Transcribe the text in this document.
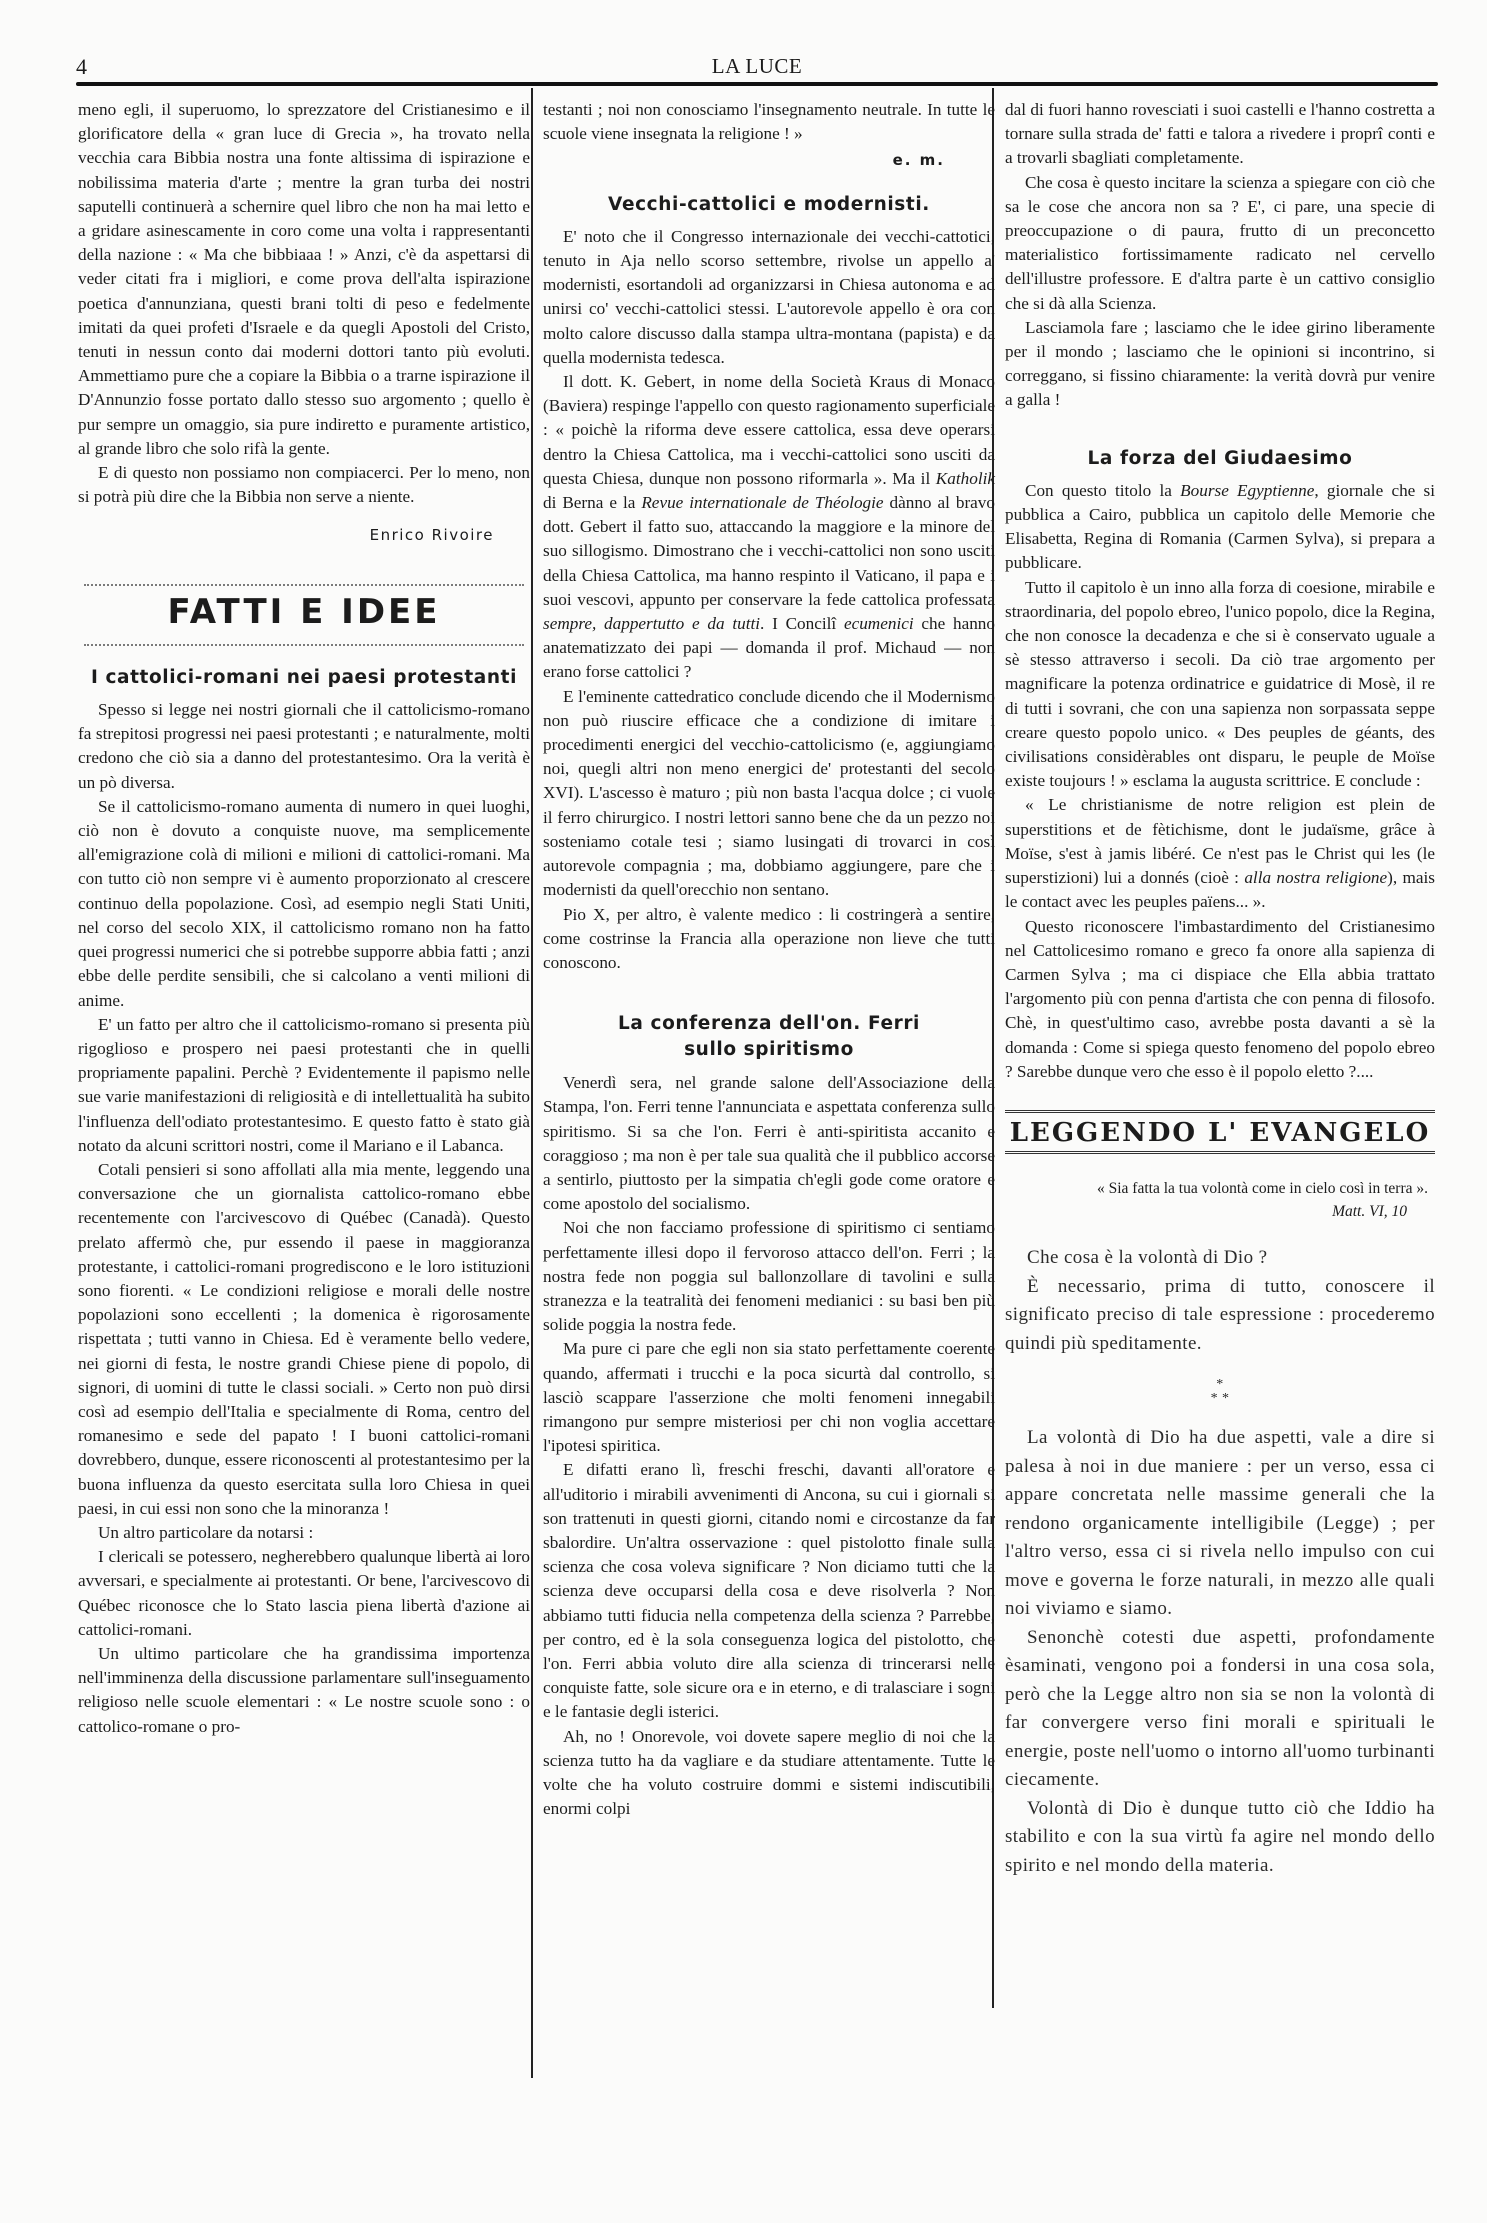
4	LA LUCE

meno egli, il superuomo, lo sprezzatore del Cristianesimo e il glorificatore della « gran luce di Grecia », ha trovato nella vecchia cara Bibbia nostra una fonte altissima di ispirazione e nobilissima materia d'arte ; mentre la gran turba dei nostri saputelli continuerà a schernire quel libro che non ha mai letto e a gridare asinescamente in coro come una volta i rappresentanti della nazione : « Ma che bibbiaaa ! » Anzi, c'è da aspettarsi di veder citati fra i migliori, e come prova dell'alta ispirazione poetica d'annunziana, questi brani tolti di peso e fedelmente imitati da quei profeti d'Israele e da quegli Apostoli del Cristo, tenuti in nessun conto dai moderni dottori tanto più evoluti. Ammettiamo pure che a copiare la Bibbia o a trarne ispirazione il D'Annunzio fosse portato dallo stesso suo argomento ; quello è pur sempre un omaggio, sia pure indiretto e puramente artistico, al grande libro che solo rifà la gente.

E di questo non possiamo non compiacerci. Per lo meno, non si potrà più dire che la Bibbia non serve a niente.

Enrico Rivoire
FATTI E IDEE
I cattolici-romani nei paesi protestanti

Spesso si legge nei nostri giornali che il cattolicismo-romano fa strepitosi progressi nei paesi protestanti ; e naturalmente, molti credono che ciò sia a danno del protestantesimo. Ora la verità è un pò diversa.

Se il cattolicismo-romano aumenta di numero in quei luoghi, ciò non è dovuto a conquiste nuove, ma semplicemente all'emigrazione colà di milioni e milioni di cattolici-romani. Ma con tutto ciò non sempre vi è aumento proporzionato al crescere continuo della popolazione. Così, ad esempio negli Stati Uniti, nel corso del secolo XIX, il cattolicismo romano non ha fatto quei progressi numerici che si potrebbe supporre abbia fatti ; anzi ebbe delle perdite sensibili, che si calcolano a venti milioni di anime.

E' un fatto per altro che il cattolicismo-romano si presenta più rigoglioso e prospero nei paesi protestanti che in quelli propriamente papalini. Perchè ? Evidentemente il papismo nelle sue varie manifestazioni di religiosità e di intellettualità ha subito l'influenza dell'odiato protestantesimo. E questo fatto è stato già notato da alcuni scrittori nostri, come il Mariano e il Labanca.

Cotali pensieri si sono affollati alla mia mente, leggendo una conversazione che un giornalista cattolico-romano ebbe recentemente con l'arcivescovo di Québec (Canadà). Questo prelato affermò che, pur essendo il paese in maggioranza protestante, i cattolici-romani progrediscono e le loro istituzioni sono fiorenti. « Le condizioni religiose e morali delle nostre popolazioni sono eccellenti ; la domenica è rigorosamente rispettata ; tutti vanno in Chiesa. Ed è veramente bello vedere, nei giorni di festa, le nostre grandi Chiese piene di popolo, di signori, di uomini di tutte le classi sociali. » Certo non può dirsi così ad esempio dell'Italia e specialmente di Roma, centro del romanesimo e sede del papato ! I buoni cattolici-romani dovrebbero, dunque, essere riconoscenti al protestantesimo per la buona influenza da questo esercitata sulla loro Chiesa in quei paesi, in cui essi non sono che la minoranza !

Un altro particolare da notarsi :

I clericali se potessero, negherebbero qualunque libertà ai loro avversari, e specialmente ai protestanti. Or bene, l'arcivescovo di Québec riconosce che lo Stato lascia piena libertà d'azione ai cattolici-romani.

Un ultimo particolare che ha grandissima importenza nell'imminenza della discussione parlamentare sull'inseguamento religioso nelle scuole elementari : « Le nostre scuole sono : o cattolico-romane o pro-

testanti ; noi non conosciamo l'insegnamento neutrale. In tutte le scuole viene insegnata la religione ! »

e. m.
Vecchi-cattolici e modernisti.

E' noto che il Congresso internazionale dei vecchi-cattotici, tenuto in Aja nello scorso settembre, rivolse un appello a' modernisti, esortandoli ad organizzarsi in Chiesa autonoma e ad unirsi co' vecchi-cattolici stessi. L'autorevole appello è ora con molto calore discusso dalla stampa ultra-montana (papista) e da quella modernista tedesca.

Il dott. K. Gebert, in nome della Società Kraus di Monaco (Baviera) respinge l'appello con questo ragionamento superficiale : « poichè la riforma deve essere cattolica, essa deve operarsi dentro la Chiesa Cattolica, ma i vecchi-cattolici sono usciti da questa Chiesa, dunque non possono riformarla ». Ma il Katholik di Berna e la Revue internationale de Théologie dànno al bravo dott. Gebert il fatto suo, attaccando la maggiore e la minore del suo sillogismo. Dimostrano che i vecchi-cattolici non sono usciti della Chiesa Cattolica, ma hanno respinto il Vaticano, il papa e i suoi vescovi, appunto per conservare la fede cattolica professata sempre, dappertutto e da tutti. I Concilî ecumenici che hanno anatematizzato dei papi — domanda il prof. Michaud — non erano forse cattolici ?

E l'eminente cattedratico conclude dicendo che il Modernismo non può riuscire efficace che a condizione di imitare i procedimenti energici del vecchio-cattolicismo (e, aggiungiamo noi, quegli altri non meno energici de' protestanti del secolo XVI). L'ascesso è maturo ; più non basta l'acqua dolce ; ci vuole il ferro chirurgico. I nostri lettori sanno bene che da un pezzo noi sosteniamo cotale tesi ; siamo lusingati di trovarci in così autorevole compagnia ; ma, dobbiamo aggiungere, pare che i modernisti da quell'orecchio non sentano.

Pio X, per altro, è valente medico : li costringerà a sentire, come costrinse la Francia alla operazione non lieve che tutti conoscono.

La conferenza dell'on. Ferri
sullo spiritismo

Venerdì sera, nel grande salone dell'Associazione della Stampa, l'on. Ferri tenne l'annunciata e aspettata conferenza sullo spiritismo. Si sa che l'on. Ferri è anti-spiritista accanito e coraggioso ; ma non è per tale sua qualità che il pubblico accorse a sentirlo, piuttosto per la simpatia ch'egli gode come oratore e come apostolo del socialismo.

Noi che non facciamo professione di spiritismo ci sentiamo perfettamente illesi dopo il fervoroso attacco dell'on. Ferri ; la nostra fede non poggia sul ballonzollare di tavolini e sulla stranezza e la teatralità dei fenomeni medianici : su basi ben più solide poggia la nostra fede.

Ma pure ci pare che egli non sia stato perfettamente coerente quando, affermati i trucchi e la poca sicurtà dal controllo, si lasciò scappare l'asserzione che molti fenomeni innegabili rimangono pur sempre misteriosi per chi non voglia accettare l'ipotesi spiritica.

E difatti erano lì, freschi freschi, davanti all'oratore e all'uditorio i mirabili avvenimenti di Ancona, su cui i giornali si son trattenuti in questi giorni, citando nomi e circostanze da far sbalordire. Un'altra osservazione : quel pistolotto finale sulla scienza che cosa voleva significare ? Non diciamo tutti che la scienza deve occuparsi della cosa e deve risolverla ? Non abbiamo tutti fiducia nella competenza della scienza ? Parrebbe, per contro, ed è la sola conseguenza logica del pistolotto, che l'on. Ferri abbia voluto dire alla scienza di trincerarsi nelle conquiste fatte, sole sicure ora e in eterno, e di tralasciare i sogni e le fantasie degli isterici.

Ah, no ! Onorevole, voi dovete sapere meglio di noi che la scienza tutto ha da vagliare e da studiare attentamente. Tutte le volte che ha voluto costruire dommi e sistemi indiscutibili, enormi colpi

dal di fuori hanno rovesciati i suoi castelli e l'hanno costretta a tornare sulla strada de' fatti e talora a rivedere i proprî conti e a trovarli sbagliati completamente.

Che cosa è questo incitare la scienza a spiegare con ciò che sa le cose che ancora non sa ? E', ci pare, una specie di preoccupazione o di paura, frutto di un preconcetto materialistico fortissimamente radicato nel cervello dell'illustre professore. E d'altra parte è un cattivo consiglio che si dà alla Scienza.

Lasciamola fare ; lasciamo che le idee girino liberamente per il mondo ; lasciamo che le opinioni si incontrino, si correggano, si fissino chiaramente: la verità dovrà pur venire a galla !

La forza del Giudaesimo

Con questo titolo la Bourse Egyptienne, giornale che si pubblica a Cairo, pubblica un capitolo delle Memorie che Elisabetta, Regina di Romania (Carmen Sylva), si prepara a pubblicare.

Tutto il capitolo è un inno alla forza di coesione, mirabile e straordinaria, del popolo ebreo, l'unico popolo, dice la Regina, che non conosce la decadenza e che si è conservato uguale a sè stesso attraverso i secoli. Da ciò trae argomento per magnificare la potenza ordinatrice e guidatrice di Mosè, il re di tutti i sovrani, che con una sapienza non sorpassata seppe creare questo popolo unico. « Des peuples de géants, des civilisations considèrables ont disparu, le peuple de Moïse existe toujours ! » esclama la augusta scrittrice. E conclude :

« Le christianisme de notre religion est plein de superstitions et de fètichisme, dont le judaïsme, grâce à Moïse, s'est à jamis libéré. Ce n'est pas le Christ qui les (le superstizioni) lui a donnés (cioè : alla nostra religione), mais le contact avec les peuples païens... ».

Questo riconoscere l'imbastardimento del Cristianesimo nel Cattolicesimo romano e greco fa onore alla sapienza di Carmen Sylva ; ma ci dispiace che Ella abbia trattato l'argomento più con penna d'artista che con penna di filosofo. Chè, in quest'ultimo caso, avrebbe posta davanti a sè la domanda : Come si spiega questo fenomeno del popolo ebreo ? Sarebbe dunque vero che esso è il popolo eletto ?....

LEGGENDO L' EVANGELO
« Sia fatta la tua volontà come in cielo così in terra ».
Matt. VI, 10

Che cosa è la volontà di Dio ?

È necessario, prima di tutto, conoscere il significato preciso di tale espressione : procederemo quindi più speditamente.

*
* *

La volontà di Dio ha due aspetti, vale a dire si palesa à noi in due maniere : per un verso, essa ci appare concretata nelle massime generali che la rendono organicamente intelligibile (Legge) ; per l'altro verso, essa ci si rivela nello impulso con cui move e governa le forze naturali, in mezzo alle quali noi viviamo e siamo.

Senonchè cotesti due aspetti, profondamente èsaminati, vengono poi a fondersi in una cosa sola, però che la Legge altro non sia se non la volontà di far convergere verso fini morali e spirituali le energie, poste nell'uomo o intorno all'uomo turbinanti ciecamente.

Volontà di Dio è dunque tutto ciò che Iddio ha stabilito e con la sua virtù fa agire nel mondo dello spirito e nel mondo della materia.
